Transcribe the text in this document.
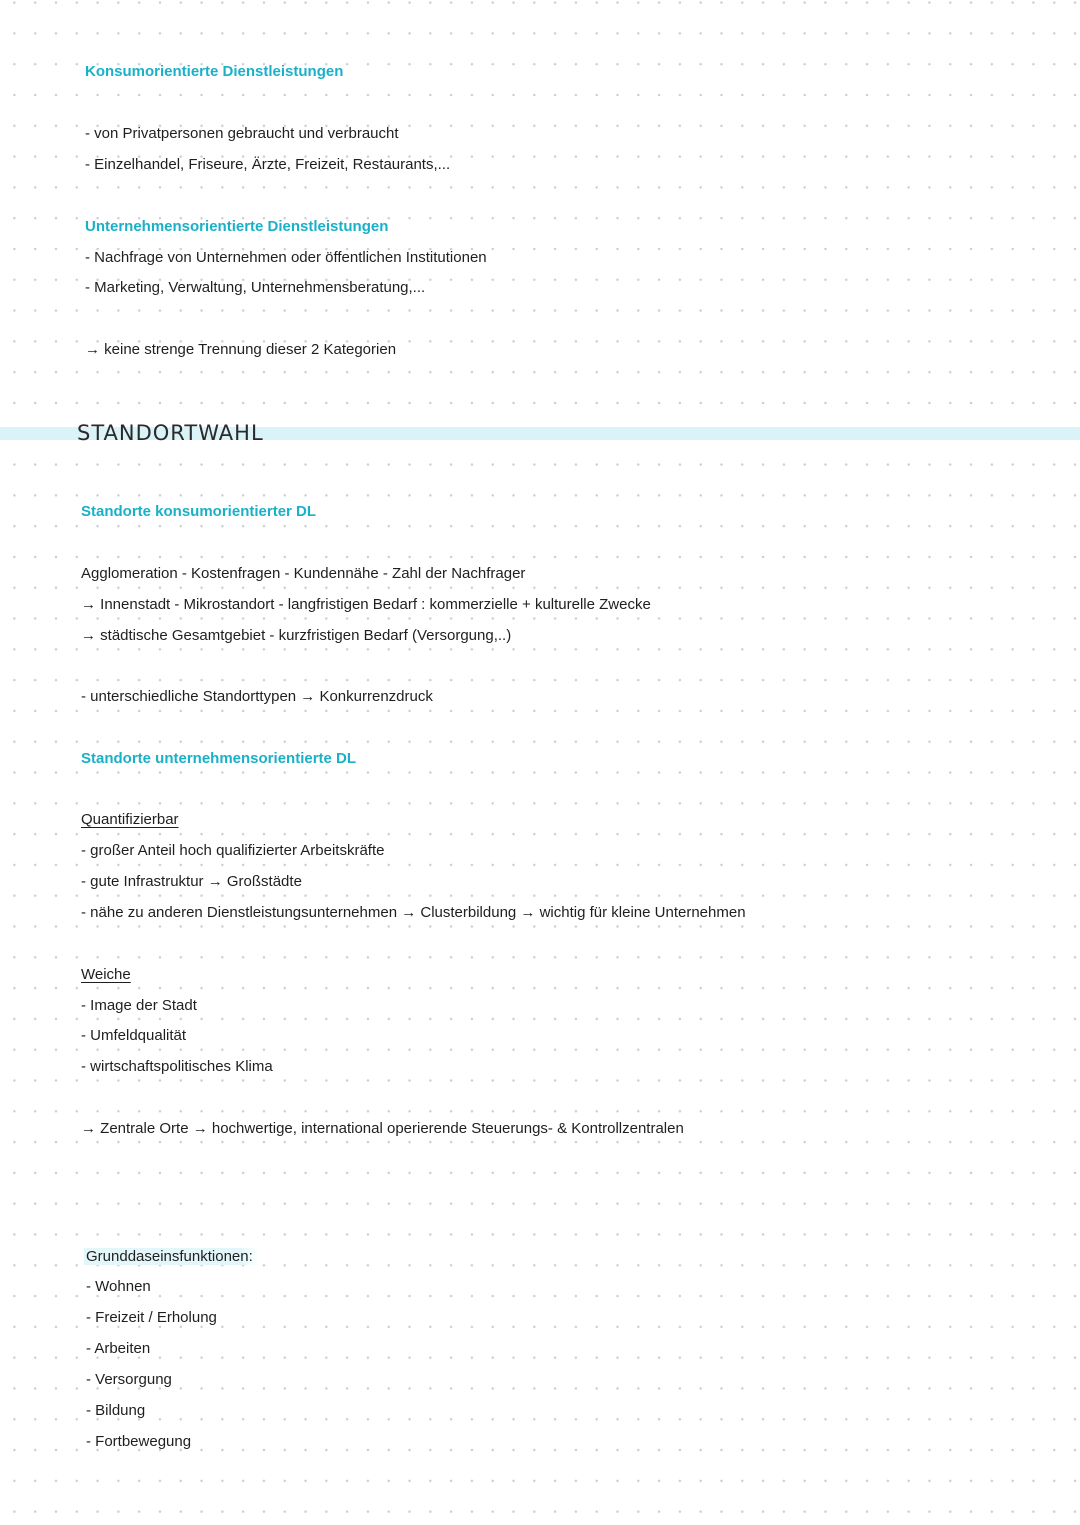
Konsumorientierte Dienstleistungen
- von Privatpersonen gebraucht und verbraucht
- Einzelhandel, Friseure, Ärzte, Freizeit, Restaurants,...
Unternehmensorientierte Dienstleistungen
- Nachfrage von Unternehmen oder öffentlichen Institutionen
- Marketing, Verwaltung, Unternehmensberatung,...
→ keine strenge Trennung dieser 2 Kategorien
STANDORTWAHL
Standorte konsumorientierter DL
Agglomeration - Kostenfragen - Kundennähe - Zahl der Nachfrager
→ Innenstadt - Mikrostandort - langfristigen Bedarf : kommerzielle + kulturelle Zwecke
→ städtische Gesamtgebiet - kurzfristigen Bedarf (Versorgung,..)
- unterschiedliche Standorttypen → Konkurrenzdruck
Standorte unternehmensorientierte DL
Quantifizierbar
- großer Anteil hoch qualifizierter Arbeitskräfte
- gute Infrastruktur → Großstädte
- nähe zu anderen Dienstleistungsunternehmen → Clusterbildung → wichtig für kleine Unternehmen
Weiche
- Image der Stadt
- Umfeldqualität
- wirtschaftspolitisches Klima
→ Zentrale Orte → hochwertige, international operierende Steuerungs- & Kontrollzentralen
Grunddaseinsfunktionen:
- Wohnen
- Freizeit / Erholung
- Arbeiten
- Versorgung
- Bildung
- Fortbewegung
